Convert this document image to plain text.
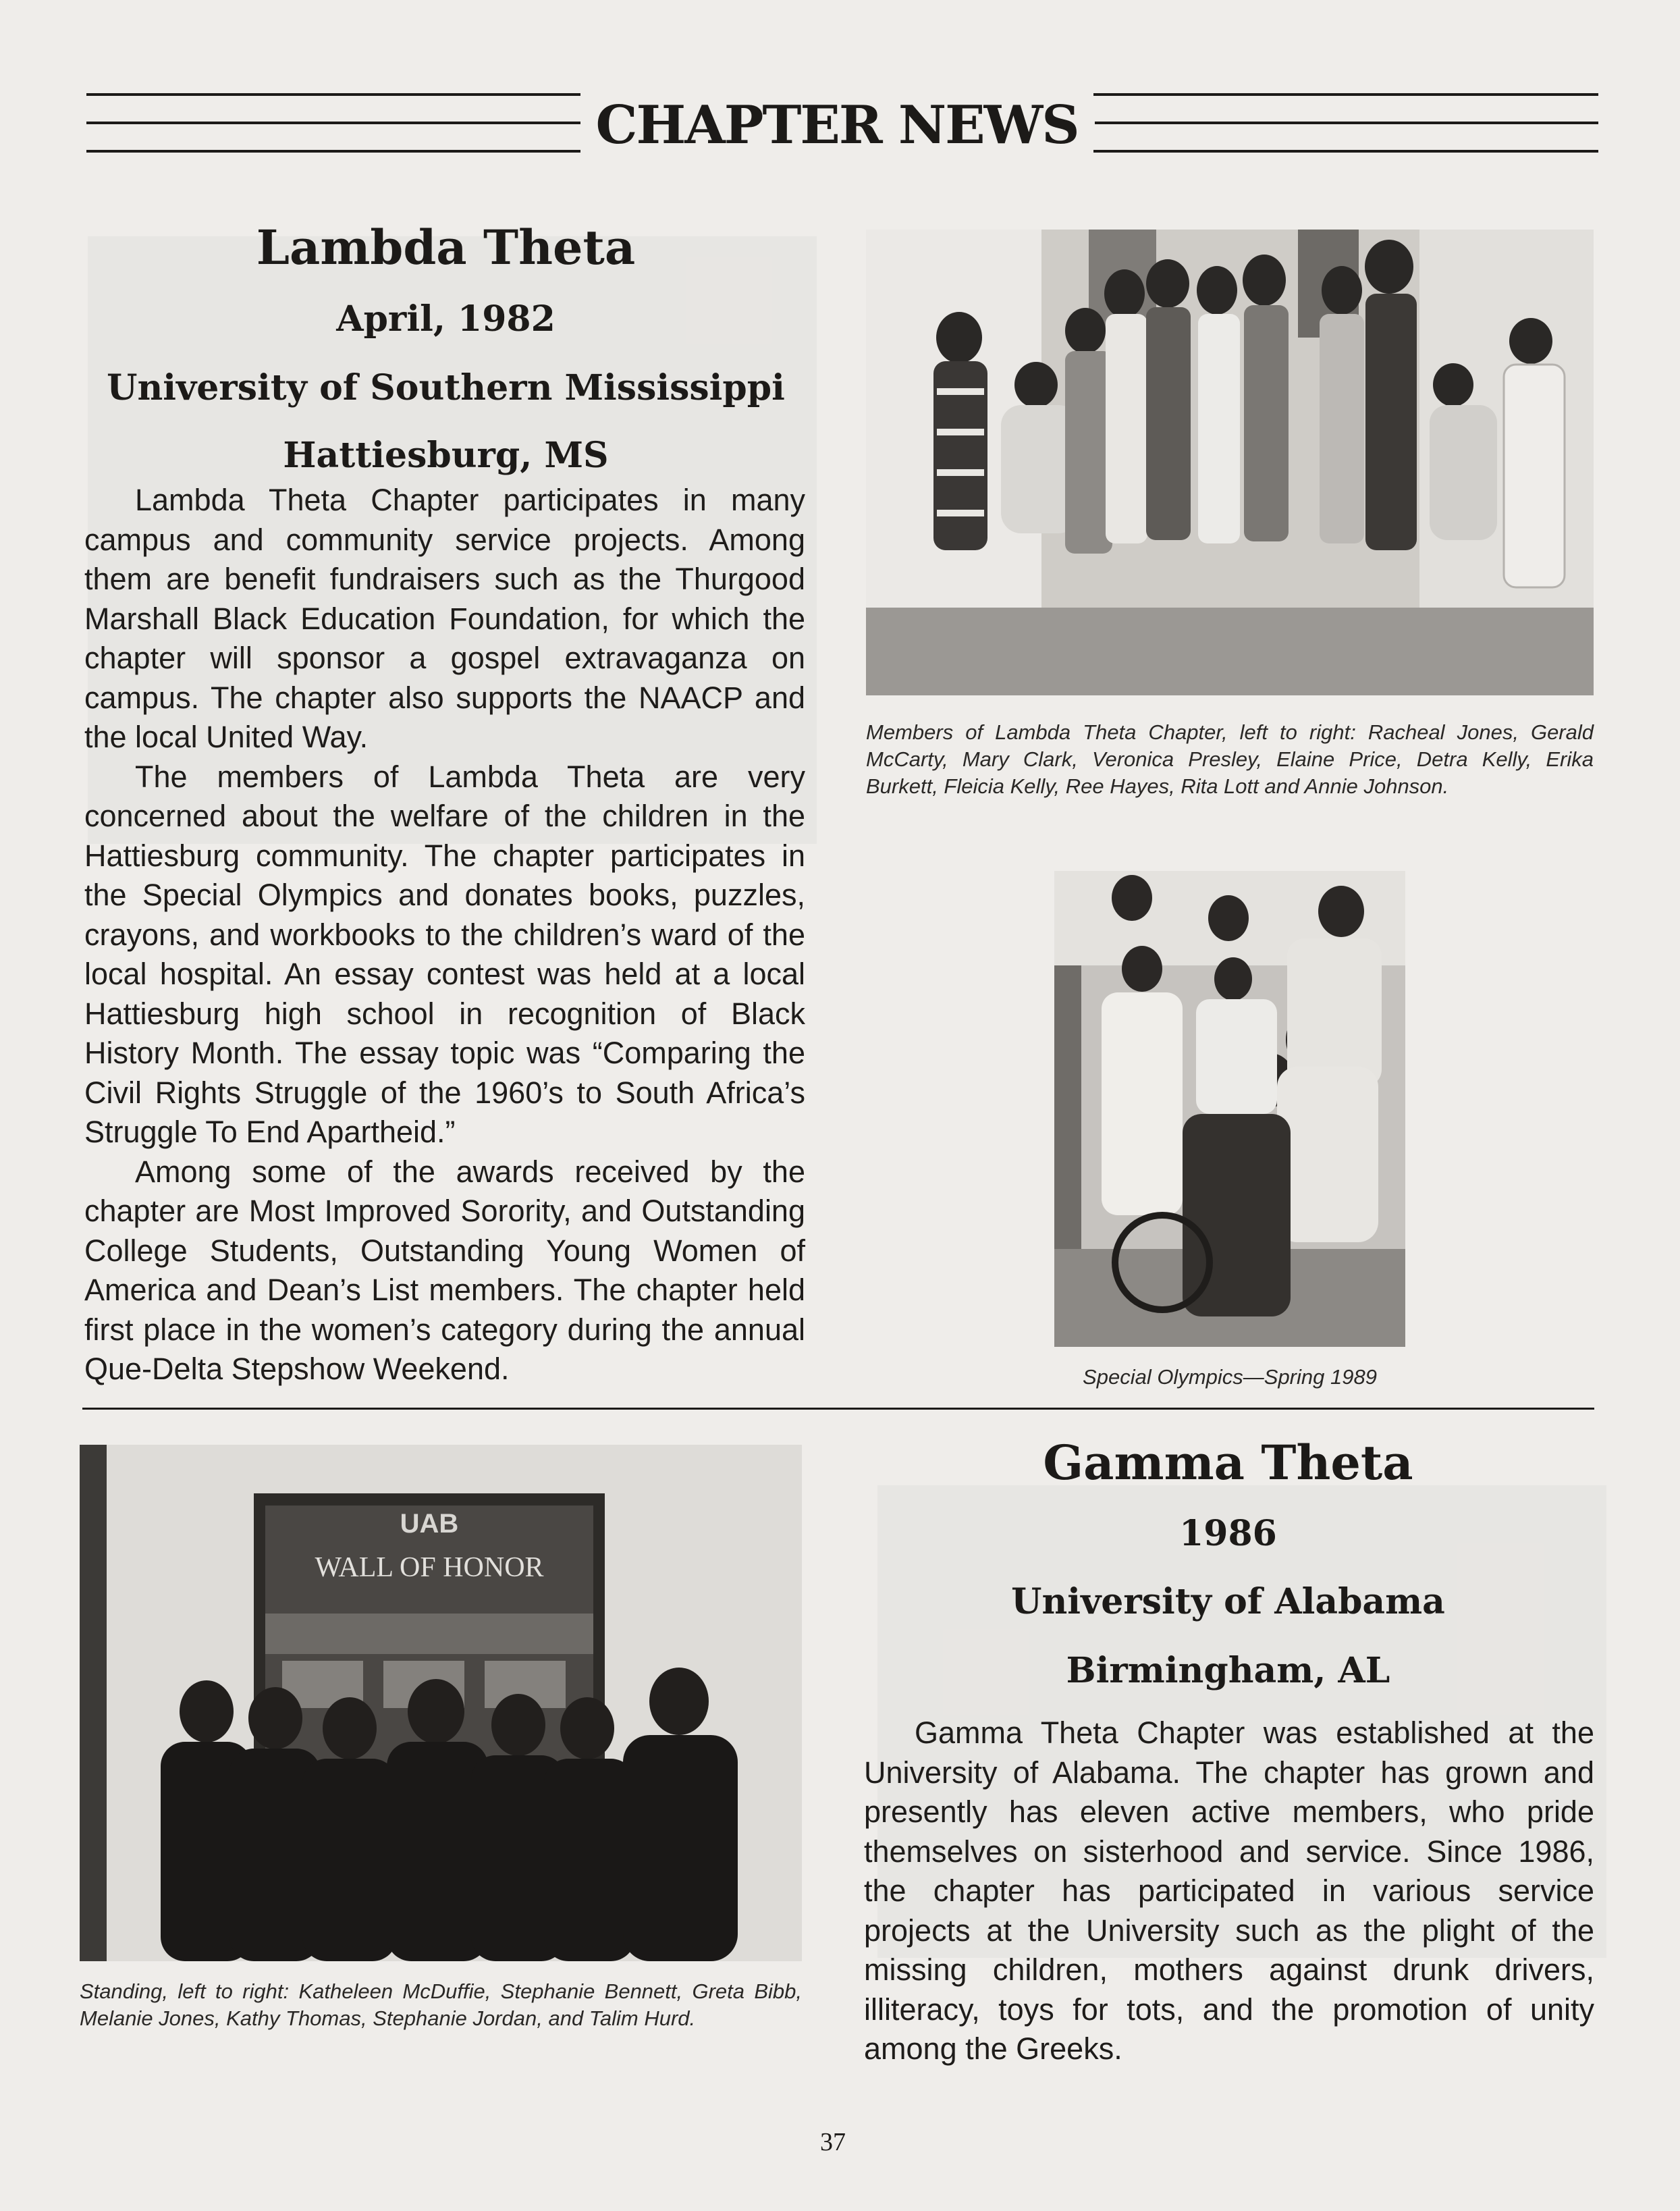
CHAPTER NEWS
Lambda Theta
April, 1982
University of Southern Mississippi
Hattiesburg, MS

Lambda Theta Chapter participates in many campus and community service projects. Among them are benefit fundraisers such as the Thurgood Marshall Black Education Foundation, for which the chapter will sponsor a gospel extravaganza on campus. The chapter also supports the NAACP and the local United Way.

The members of Lambda Theta are very concerned about the welfare of the children in the Hattiesburg community. The chapter participates in the Special Olympics and donates books, puzzles, crayons, and workbooks to the children’s ward of the local hospital. An essay contest was held at a local Hattiesburg high school in recognition of Black History Month. The essay topic was “Comparing the Civil Rights Struggle of the 1960’s to South Africa’s Struggle To End Apartheid.”

Among some of the awards received by the chapter are Most Improved Sorority, and Outstanding College Students, Outstanding Young Women of America and Dean’s List members. The chapter held first place in the women’s category during the annual Que-Delta Stepshow Weekend.

Members of Lambda Theta Chapter, left to right: Racheal Jones, Gerald McCarty, Mary Clark, Veronica Presley, Elaine Price, Detra Kelly, Erika Burkett, Fleicia Kelly, Ree Hayes, Rita Lott and Annie Johnson.
Special Olympics—Spring 1989
UAB
WALL OF HONOR
Standing, left to right: Katheleen McDuffie, Stephanie Bennett, Greta Bibb, Melanie Jones, Kathy Thomas, Stephanie Jordan, and Talim Hurd.
Gamma Theta
1986
University of Alabama
Birmingham, AL

Gamma Theta Chapter was established at the University of Alabama. The chapter has grown and presently has eleven active members, who pride themselves on sisterhood and service. Since 1986, the chapter has participated in various service projects at the University such as the plight of the missing children, mothers against drunk drivers, illiteracy, toys for tots, and the promotion of unity among the Greeks.

37
